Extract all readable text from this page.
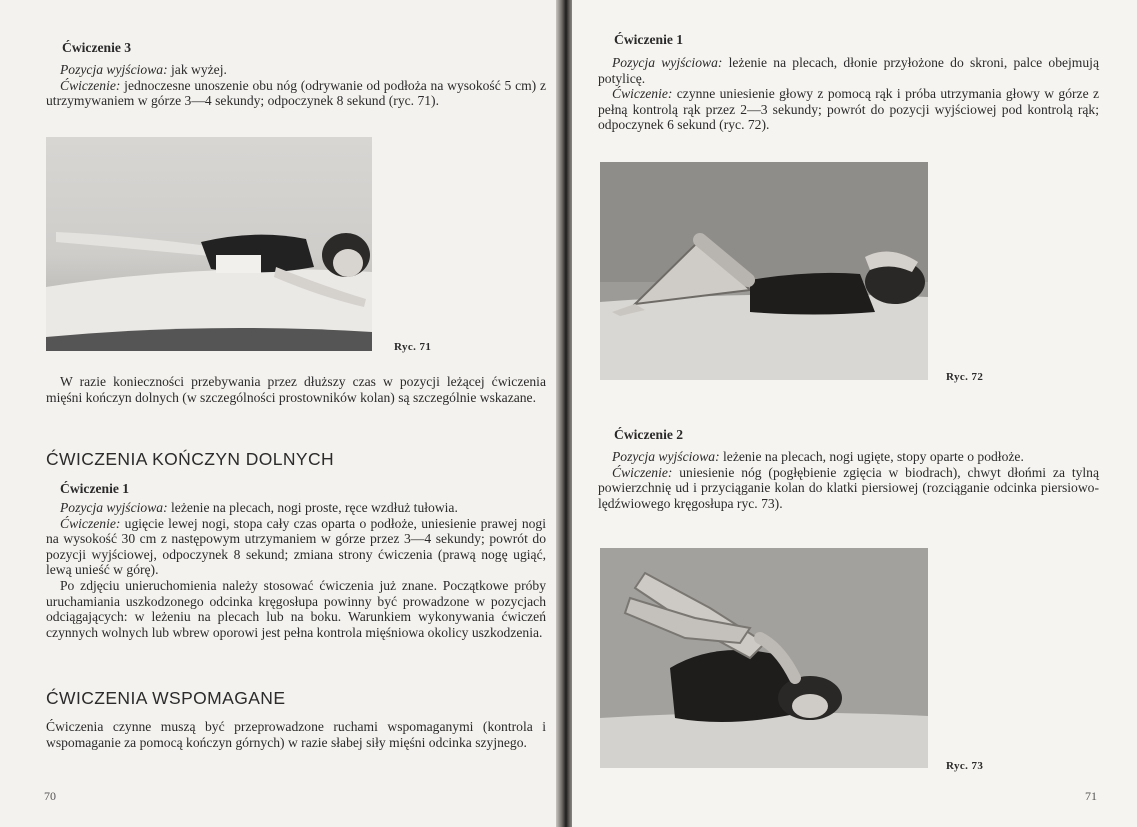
Ćwiczenie 3

Pozycja wyjściowa: jak wyżej.

Ćwiczenie: jednoczesne unoszenie obu nóg (odrywanie od podłoża na wysokość 5 cm) z utrzymywaniem w górze 3—4 sekundy; odpoczynek 8 sekund (ryc. 71).

Ryc. 71

W razie konieczności przebywania przez dłuższy czas w pozycji leżącej ćwiczenia mięśni kończyn dolnych (w szczególności prostowników kolan) są szczególnie wskazane.

ĆWICZENIA KOŃCZYN DOLNYCH
Ćwiczenie 1

Pozycja wyjściowa: leżenie na plecach, nogi proste, ręce wzdłuż tułowia.

Ćwiczenie: ugięcie lewej nogi, stopa cały czas oparta o podłoże, uniesienie prawej nogi na wysokość 30 cm z następowym utrzymaniem w górze przez 3—4 sekundy; powrót do pozycji wyjściowej, odpoczynek 8 sekund; zmiana strony ćwiczenia (prawą nogę ugiąć, lewą unieść w górę).

Po zdjęciu unieruchomienia należy stosować ćwiczenia już znane. Początkowe próby uruchamiania uszkodzonego odcinka kręgosłupa powinny być prowadzone w pozycjach odciągających: w leżeniu na plecach lub na boku. Warunkiem wykonywania ćwiczeń czynnych wolnych lub wbrew oporowi jest pełna kontrola mięśniowa okolicy uszkodzenia.

ĆWICZENIA WSPOMAGANE

Ćwiczenia czynne muszą być przeprowadzone ruchami wspomaganymi (kontrola i wspomaganie za pomocą kończyn górnych) w razie słabej siły mięśni odcinka szyjnego.

70
Ćwiczenie 1

Pozycja wyjściowa: leżenie na plecach, dłonie przyłożone do skroni, palce obejmują potylicę.

Ćwiczenie: czynne uniesienie głowy z pomocą rąk i próba utrzymania głowy w górze z pełną kontrolą rąk przez 2—3 sekundy; powrót do pozycji wyjściowej pod kontrolą rąk; odpoczynek 6 sekund (ryc. 72).

Ryc. 72
Ćwiczenie 2

Pozycja wyjściowa: leżenie na plecach, nogi ugięte, stopy oparte o podłoże.

Ćwiczenie: uniesienie nóg (pogłębienie zgięcia w biodrach), chwyt dłońmi za tylną powierzchnię ud i przyciąganie kolan do klatki piersiowej (rozciąganie odcinka piersiowo-lędźwiowego kręgosłupa ryc. 73).

Ryc. 73
71
